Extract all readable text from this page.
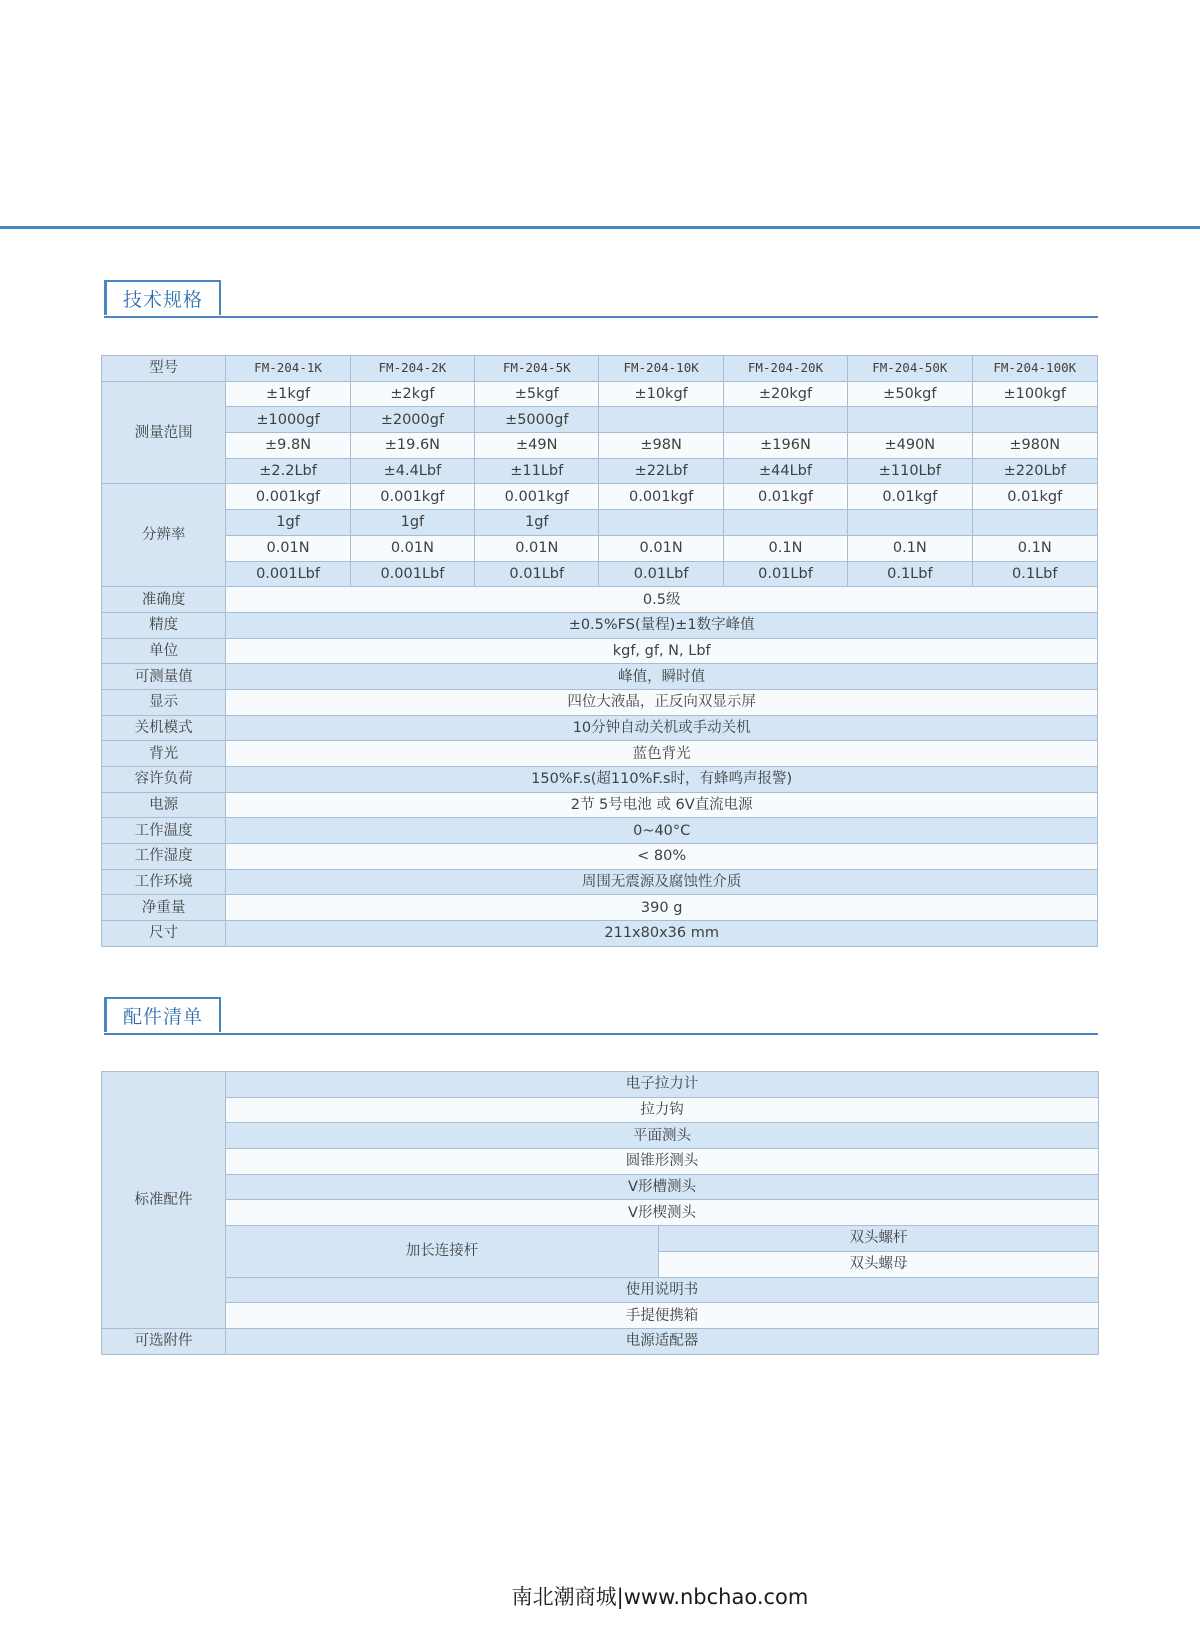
技术规格
型号	FM-204-1K	FM-204-2K	FM-204-5K	FM-204-10K	FM-204-20K	FM-204-50K	FM-204-100K
测量范围	±1kgf	±2kgf	±5kgf	±10kgf	±20kgf	±50kgf	±100kgf
	±1000gf	±2000gf	±5000gf				
	±9.8N	±19.6N	±49N	±98N	±196N	±490N	±980N
	±2.2Lbf	±4.4Lbf	±11Lbf	±22Lbf	±44Lbf	±110Lbf	±220Lbf
分辨率	0.001kgf	0.001kgf	0.001kgf	0.001kgf	0.01kgf	0.01kgf	0.01kgf
	1gf	1gf	1gf				
	0.01N	0.01N	0.01N	0.01N	0.1N	0.1N	0.1N
	0.001Lbf	0.001Lbf	0.01Lbf	0.01Lbf	0.01Lbf	0.1Lbf	0.1Lbf
准确度	0.5级						
精度	±0.5%FS(量程)±1数字峰值						
单位	kgf, gf, N, Lbf						
可测量值	峰值，瞬时值						
显示	四位大液晶，正反向双显示屏						
关机模式	10分钟自动关机或手动关机						
背光	蓝色背光						
容许负荷	150%F.s(超110%F.s时，有蜂鸣声报警)						
电源	2节 5号电池 或 6V直流电源						
工作温度	0~40°C						
工作湿度	< 80%						
工作环境	周围无震源及腐蚀性介质						
净重量	390 g						
尺寸	211x80x36 mm						
配件清单
标准配件	电子拉力计	
	拉力钩	
	平面测头	
	圆锥形测头	
	V形槽测头	
	V形楔测头	
	加长连接杆	双头螺杆
		双头螺母
	使用说明书	
	手提便携箱	
可选附件	电源适配器	
南北潮商城|www.nbchao.com
